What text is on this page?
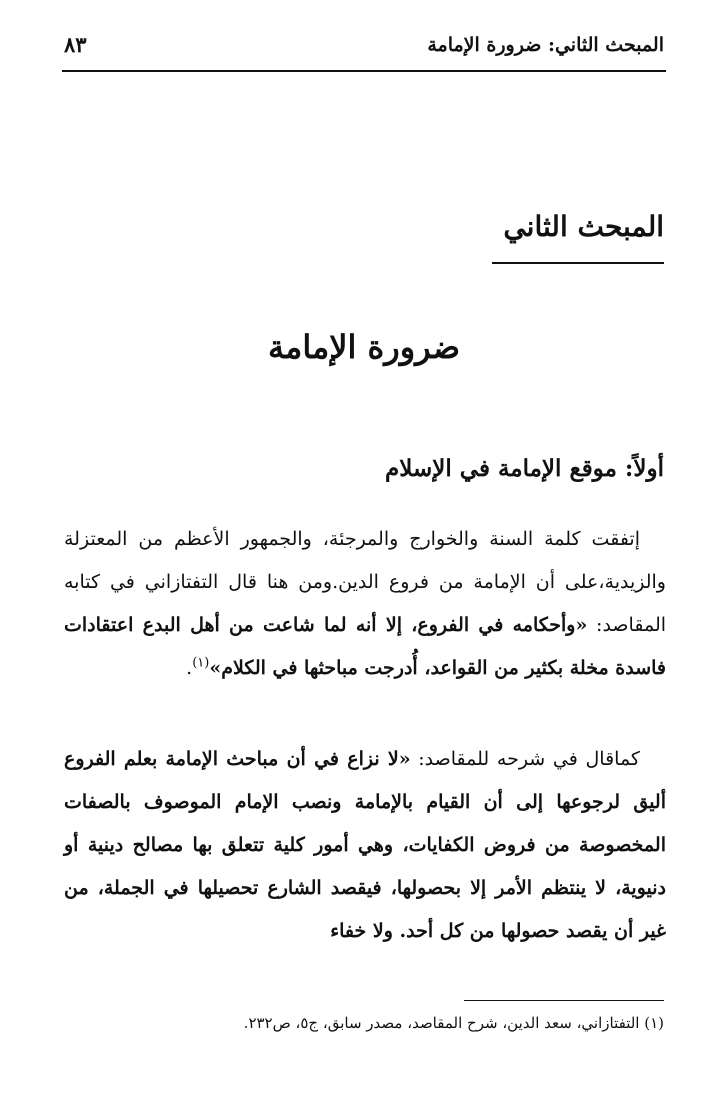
المبحث الثاني: ضرورة الإمامة
٨٣
المبحث الثاني
ضرورة الإمامة
أولاً: موقع الإمامة في الإسلام
إتفقت كلمة السنة والخوارج والمرجئة، والجمهور الأعظم من المعتزلة والزيدية،على أن الإمامة من فروع الدين.ومن هنا قال التفتازاني في كتابه المقاصد: «وأحكامه في الفروع، إلا أنه لما شاعت من أهل البدع اعتقادات فاسدة مخلة بكثير من القواعد، أُدرجت مباحثها في الكلام»$^{(١)}$.
كماقال في شرحه للمقاصد: «لا نزاع في أن مباحث الإمامة بعلم الفروع أليق لرجوعها إلى أن القيام بالإمامة ونصب الإمام الموصوف بالصفات المخصوصة من فروض الكفايات، وهي أمور كلية تتعلق بها مصالح دينية أو دنيوية، لا ينتظم الأمر إلا بحصولها، فيقصد الشارع تحصيلها في الجملة، من غير أن يقصد حصولها من كل أحد. ولا خفاء
(١) التفتازاني، سعد الدين، شرح المقاصد، مصدر سابق، ج٥، ص٢٣٢.
